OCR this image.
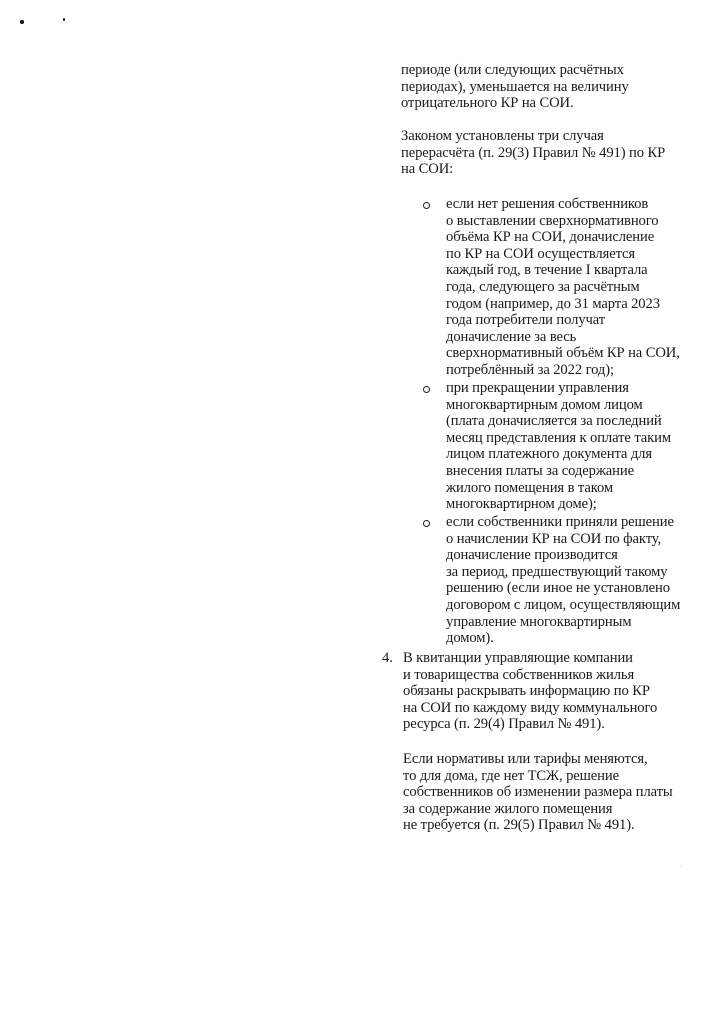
периоде (или следующих расчётных
периодах), уменьшается на величину
отрицательного КР на СОИ.
Законом установлены три случая
перерасчёта (п. 29(3) Правил № 491) по КР
на СОИ:
если нет решения собственников
о выставлении сверхнормативного
объёма КР на СОИ, доначисление
по КР на СОИ осуществляется
каждый год, в течение I квартала
года, следующего за расчётным
годом (например, до 31 марта 2023
года потребители получат
доначисление за весь
сверхнормативный объём КР на СОИ,
потреблённый за 2022 год);
при прекращении управления
многоквартирным домом лицом
(плата доначисляется за последний
месяц представления к оплате таким
лицом платежного документа для
внесения платы за содержание
жилого помещения в таком
многоквартирном доме);
если собственники приняли решение
о начислении КР на СОИ по факту,
доначисление производится
за период, предшествующий такому
решению (если иное не установлено
договором с лицом, осуществляющим
управление многоквартирным
домом).
4. В квитанции управляющие компании
и товарищества собственников жилья
обязаны раскрывать информацию по КР
на СОИ по каждому виду коммунального
ресурса (п. 29(4) Правил № 491).
Если нормативы или тарифы меняются,
то для дома, где нет ТСЖ, решение
собственников об изменении размера платы
за содержание жилого помещения
не требуется (п. 29(5) Правил № 491).
